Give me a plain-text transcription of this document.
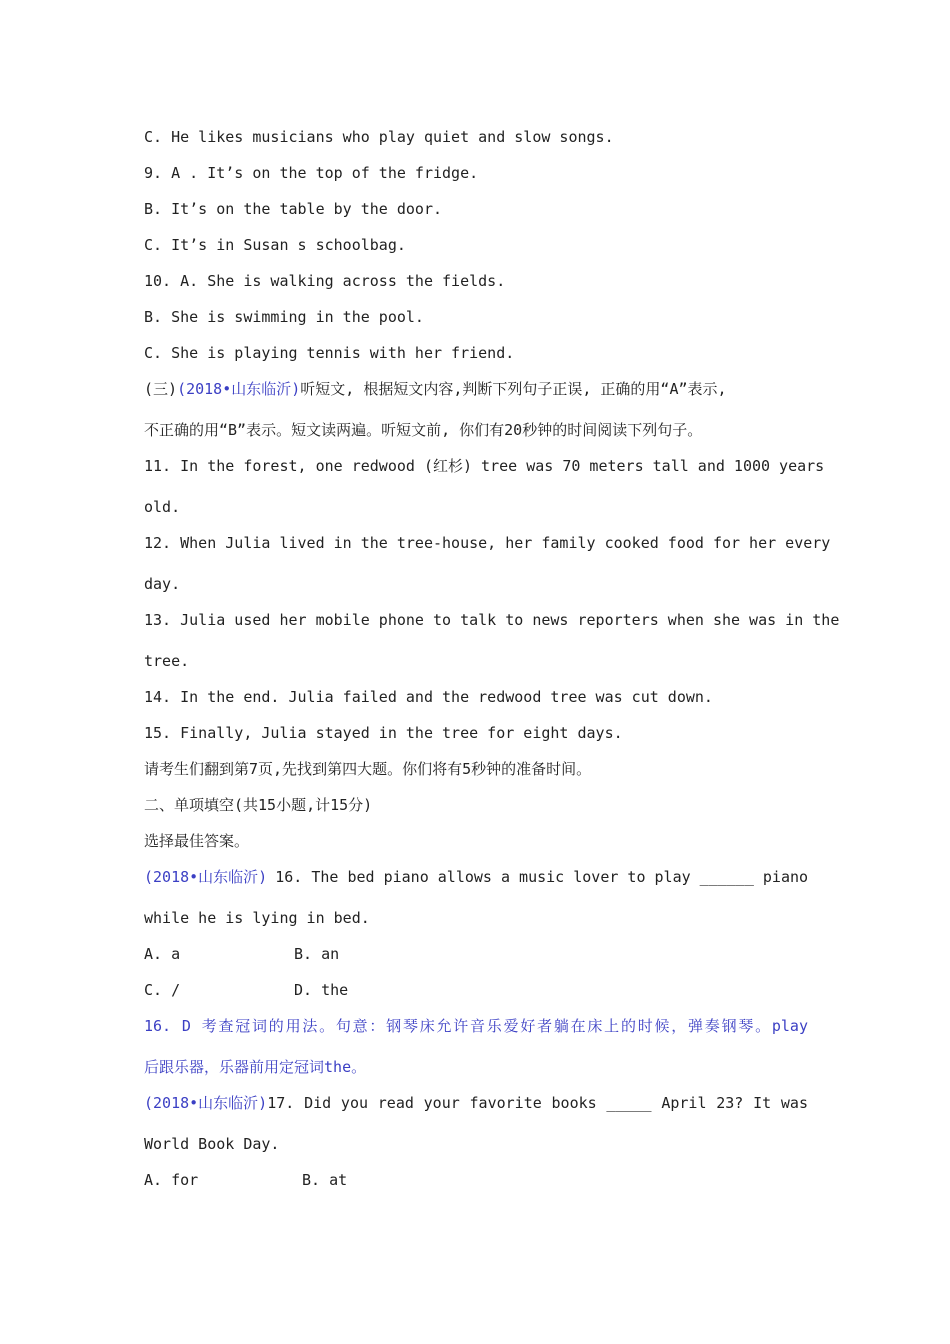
C. He likes musicians who play quiet and slow songs.
9. A . It’s on the top of the fridge.
B. It’s on the table by the door.
C. It’s in Susan s schoolbag.
10. A. She is walking across the fields.
B. She is swimming in the pool.
C. She is playing tennis with her friend.
(三)(2018•山东临沂)听短文, 根据短文内容,判断下列句子正误, 正确的用“A”表示,
不正确的用“B”表示。短文读两遍。听短文前, 你们有20秒钟的时间阅读下列句子。
11. In the forest, one redwood (红杉) tree was 70 meters tall and 1000 years
old.
12. When Julia lived in the tree-house, her family cooked food for her every
day.
13. Julia used her mobile phone to talk to news reporters when she was in the
tree.
14. In the end. Julia failed and the redwood tree was cut down.
15. Finally, Julia stayed in the tree for eight days.
请考生们翻到第7页,先找到第四大题。你们将有5秒钟的准备时间。
二、单项填空(共15小题,计15分)
选择最佳答案。
(2018•山东临沂) 16. The bed piano allows a music lover to play ______ piano
while he is lying in bed.
A. a	B. an
C. /	D. the
16. D 考查冠词的用法。句意：钢琴床允许音乐爱好者躺在床上的时候，弹奏钢琴。play
后跟乐器，乐器前用定冠词the。
(2018•山东临沂) 17. Did you read your favorite books _____ April 23? It was
World Book Day.
A. for	B. at
